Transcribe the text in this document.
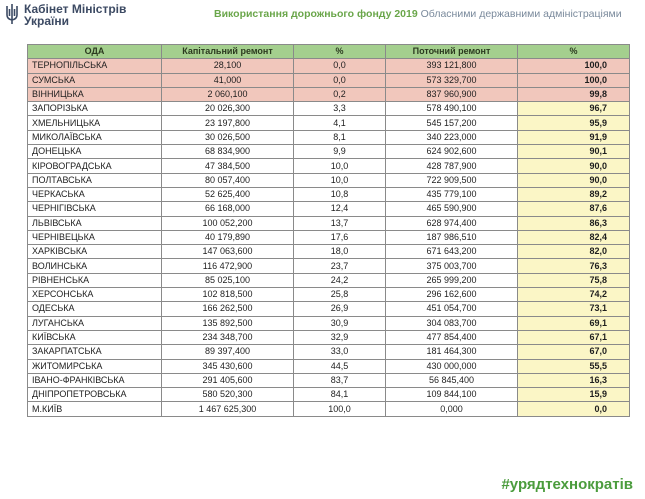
Кабінет Міністрів
України	Використання дорожнього фонду 2019 Обласними державними адміністраціями
ОДА	Капітальний ремонт	%	Поточний ремонт	%
ТЕРНОПІЛЬСЬКА	28,100	0,0	393 121,800	100,0
СУМСЬКА	41,000	0,0	573 329,700	100,0
ВІННИЦЬКА	2 060,100	0,2	837 960,900	99,8
ЗАПОРІЗЬКА	20 026,300	3,3	578 490,100	96,7
ХМЕЛЬНИЦЬКА	23 197,800	4,1	545 157,200	95,9
МИКОЛАЇВСЬКА	30 026,500	8,1	340 223,000	91,9
ДОНЕЦЬКА	68 834,900	9,9	624 902,600	90,1
КІРОВОГРАДСЬКА	47 384,500	10,0	428 787,900	90,0
ПОЛТАВСЬКА	80 057,400	10,0	722 909,500	90,0
ЧЕРКАСЬКА	52 625,400	10,8	435 779,100	89,2
ЧЕРНІГІВСЬКА	66 168,000	12,4	465 590,900	87,6
ЛЬВІВСЬКА	100 052,200	13,7	628 974,400	86,3
ЧЕРНІВЕЦЬКА	40 179,890	17,6	187 986,510	82,4
ХАРКІВСЬКА	147 063,600	18,0	671 643,200	82,0
ВОЛИНСЬКА	116 472,900	23,7	375 003,700	76,3
РІВНЕНСЬКА	85 025,100	24,2	265 999,200	75,8
ХЕРСОНСЬКА	102 818,500	25,8	296 162,600	74,2
ОДЕСЬКА	166 262,500	26,9	451 054,700	73,1
ЛУГАНСЬКА	135 892,500	30,9	304 083,700	69,1
КИЇВСЬКА	234 348,700	32,9	477 854,400	67,1
ЗАКАРПАТСЬКА	89 397,400	33,0	181 464,300	67,0
ЖИТОМИРСЬКА	345 430,600	44,5	430 000,000	55,5
ІВАНО-ФРАНКІВСЬКА	291 405,600	83,7	56 845,400	16,3
ДНІПРОПЕТРОВСЬКА	580 520,300	84,1	109 844,100	15,9
М.КИЇВ	1 467 625,300	100,0	0,000	0,0
#урядтехнократів
